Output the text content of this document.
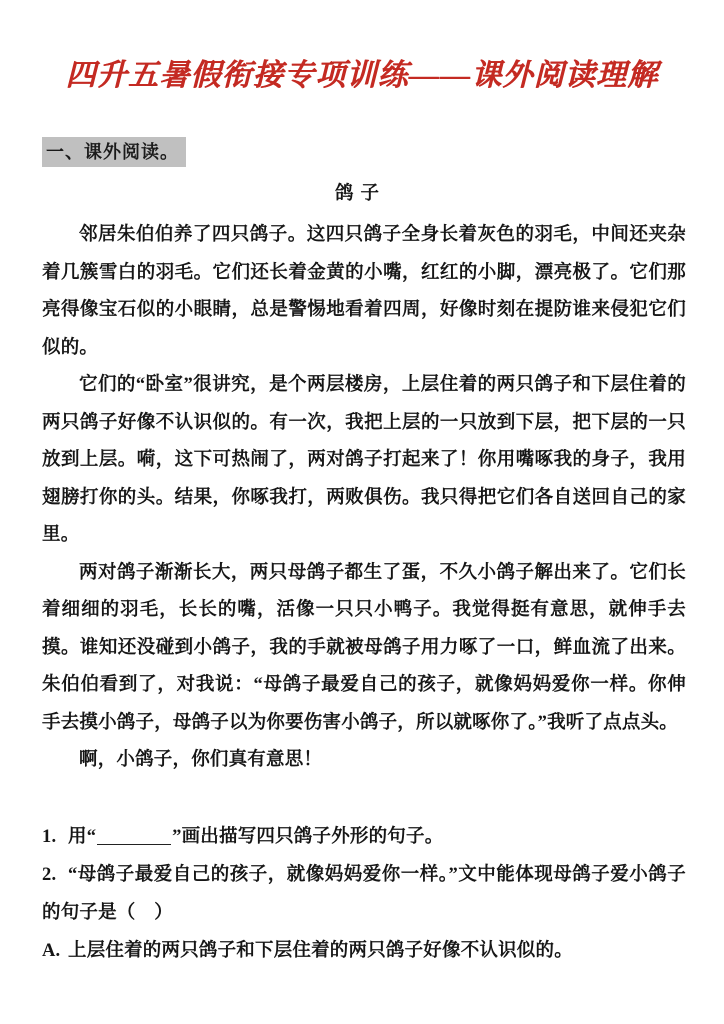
四升五暑假衔接专项训练——课外阅读理解
一、课外阅读。
鸽子

邻居朱伯伯养了四只鸽子。这四只鸽子全身长着灰色的羽毛，中间还夹杂着几簇雪白的羽毛。它们还长着金黄的小嘴，红红的小脚，漂亮极了。它们那亮得像宝石似的小眼睛，总是警惕地看着四周，好像时刻在提防谁来侵犯它们似的。

它们的“卧室”很讲究，是个两层楼房，上层住着的两只鸽子和下层住着的两只鸽子好像不认识似的。有一次，我把上层的一只放到下层，把下层的一只放到上层。嗬，这下可热闹了，两对鸽子打起来了！你用嘴啄我的身子，我用翅膀打你的头。结果，你啄我打，两败俱伤。我只得把它们各自送回自己的家里。

两对鸽子渐渐长大，两只母鸽子都生了蛋，不久小鸽子解出来了。它们长着细细的羽毛，长长的嘴，活像一只只小鸭子。我觉得挺有意思，就伸手去摸。谁知还没碰到小鸽子，我的手就被母鸽子用力啄了一口，鲜血流了出来。朱伯伯看到了，对我说：“母鸽子最爱自己的孩子，就像妈妈爱你一样。你伸手去摸小鸽子，母鸽子以为你要伤害小鸽子，所以就啄你了。”我听了点点头。

啊，小鸽子，你们真有意思！

1. 用“	”画出描写四只鸽子外形的句子。

2. “母鸽子最爱自己的孩子，就像妈妈爱你一样。”文中能体现母鸽子爱小鸽子的句子是（　）

A. 上层住着的两只鸽子和下层住着的两只鸽子好像不认识似的。
